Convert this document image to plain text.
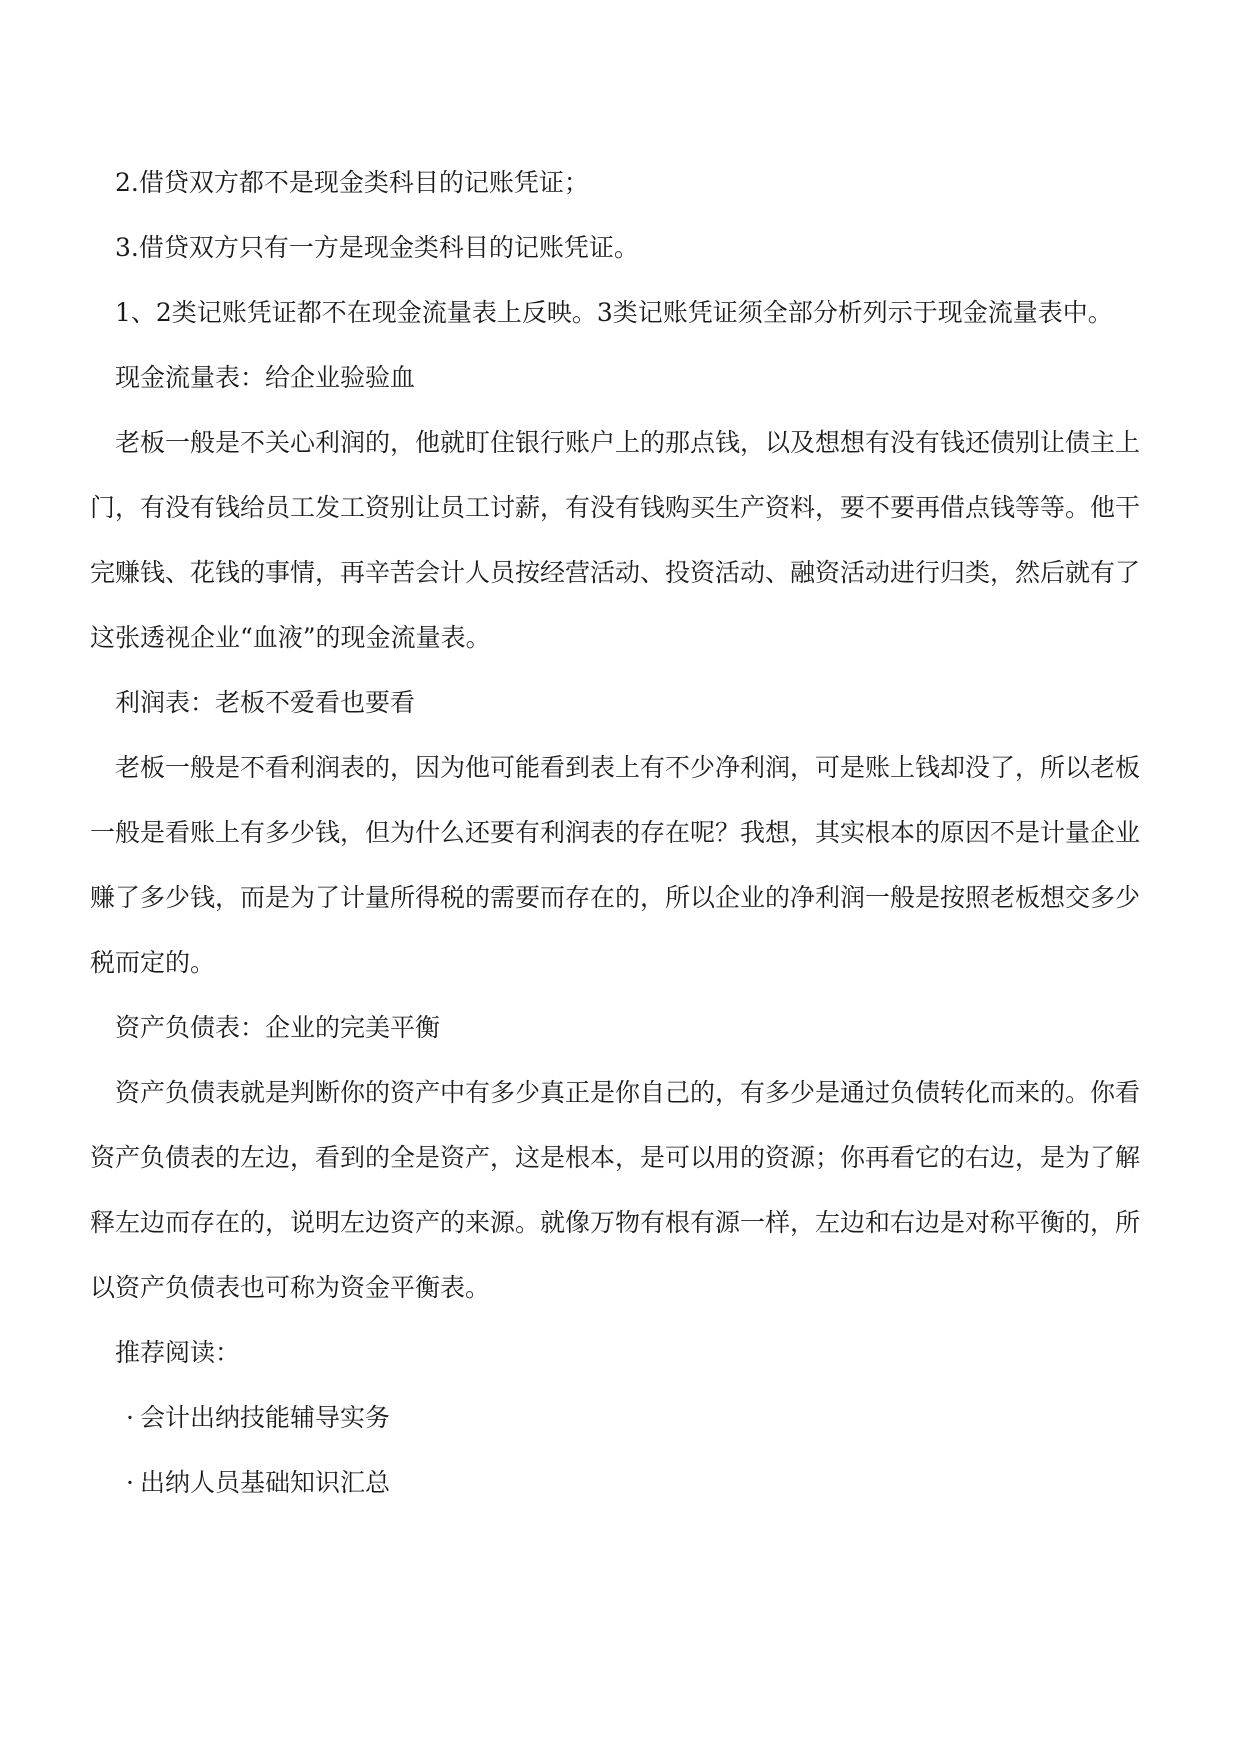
2.借贷双方都不是现金类科目的记账凭证；

3.借贷双方只有一方是现金类科目的记账凭证。

1、2类记账凭证都不在现金流量表上反映。3类记账凭证须全部分析列示于现金流量表中。

现金流量表：给企业验验血

老板一般是不关心利润的，他就盯住银行账户上的那点钱，以及想想有没有钱还债别让债主上门，有没有钱给员工发工资别让员工讨薪，有没有钱购买生产资料，要不要再借点钱等等。他干完赚钱、花钱的事情，再辛苦会计人员按经营活动、投资活动、融资活动进行归类，然后就有了这张透视企业“血液”的现金流量表。

利润表：老板不爱看也要看

老板一般是不看利润表的，因为他可能看到表上有不少净利润，可是账上钱却没了，所以老板一般是看账上有多少钱，但为什么还要有利润表的存在呢？我想，其实根本的原因不是计量企业赚了多少钱，而是为了计量所得税的需要而存在的，所以企业的净利润一般是按照老板想交多少税而定的。

资产负债表：企业的完美平衡

资产负债表就是判断你的资产中有多少真正是你自己的，有多少是通过负债转化而来的。你看资产负债表的左边，看到的全是资产，这是根本，是可以用的资源；你再看它的右边，是为了解释左边而存在的，说明左边资产的来源。就像万物有根有源一样，左边和右边是对称平衡的，所以资产负债表也可称为资金平衡表。

推荐阅读：

· 会计出纳技能辅导实务
· 出纳人员基础知识汇总
